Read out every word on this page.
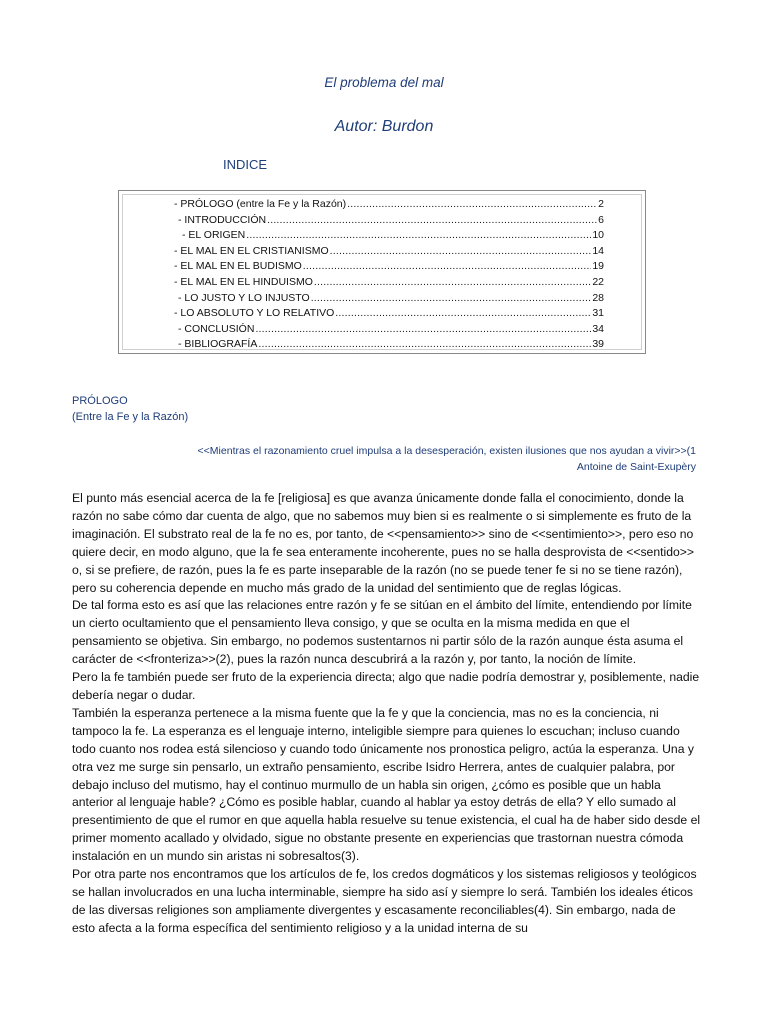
El problema del mal
Autor: Burdon
INDICE
- PRÓLOGO (entre la Fe y la Razón) .....	2
- INTRODUCCIÓN .....	6
- EL ORIGEN .....	10
- EL MAL EN EL CRISTIANISMO .....	14
- EL MAL EN EL BUDISMO .....	19
- EL MAL EN EL HINDUISMO .....	22
- LO JUSTO Y LO INJUSTO .....	28
- LO ABSOLUTO Y LO RELATIVO .....	31
- CONCLUSIÓN .....	34
- BIBLIOGRAFÍA .....	39
PRÓLOGO
(Entre la Fe y la Razón)
<<Mientras el razonamiento cruel impulsa a la desesperación, existen ilusiones que nos ayudan a vivir>>(1
Antoine de Saint-Exupèry

El punto más esencial acerca de la fe [religiosa] es que avanza únicamente donde falla el conocimiento, donde la razón no sabe cómo dar cuenta de algo, que no sabemos muy bien si es realmente o si simplemente es fruto de la imaginación. El substrato real de la fe no es, por tanto, de <<pensamiento>> sino de <<sentimiento>>, pero eso no quiere decir, en modo alguno, que la fe sea enteramente incoherente, pues no se halla desprovista de <<sentido>> o, si se prefiere, de razón, pues la fe es parte inseparable de la razón (no se puede tener fe si no se tiene razón), pero su coherencia depende en mucho más grado de la unidad del sentimiento que de reglas lógicas.

De tal forma esto es así que las relaciones entre razón y fe se sitúan en el ámbito del límite, entendiendo por límite un cierto ocultamiento que el pensamiento lleva consigo, y que se oculta en la misma medida en que el pensamiento se objetiva. Sin embargo, no podemos sustentarnos ni partir sólo de la razón aunque ésta asuma el carácter de <<fronteriza>>(2), pues la razón nunca descubrirá a la razón y, por tanto, la noción de límite.

Pero la fe también puede ser fruto de la experiencia directa; algo que nadie podría demostrar y, posiblemente, nadie debería negar o dudar.

También la esperanza pertenece a la misma fuente que la fe y que la conciencia, mas no es la conciencia, ni tampoco la fe. La esperanza es el lenguaje interno, inteligible siempre para quienes lo escuchan; incluso cuando todo cuanto nos rodea está silencioso y cuando todo únicamente nos pronostica peligro, actúa la esperanza. Una y otra vez me surge sin pensarlo, un extraño pensamiento, escribe Isidro Herrera, antes de cualquier palabra, por debajo incluso del mutismo, hay el continuo murmullo de un habla sin origen, ¿cómo es posible que un habla anterior al lenguaje hable? ¿Cómo es posible hablar, cuando al hablar ya estoy detrás de ella? Y ello sumado al presentimiento de que el rumor en que aquella habla resuelve su tenue existencia, el cual ha de haber sido desde el primer momento acallado y olvidado, sigue no obstante presente en experiencias que trastornan nuestra cómoda instalación en un mundo sin aristas ni sobresaltos(3).

Por otra parte nos encontramos que los artículos de fe, los credos dogmáticos y los sistemas religiosos y teológicos se hallan involucrados en una lucha interminable, siempre ha sido así y siempre lo será. También los ideales éticos de las diversas religiones son ampliamente divergentes y escasamente reconciliables(4). Sin embargo, nada de esto afecta a la forma específica del sentimiento religioso y a la unidad interna de su
